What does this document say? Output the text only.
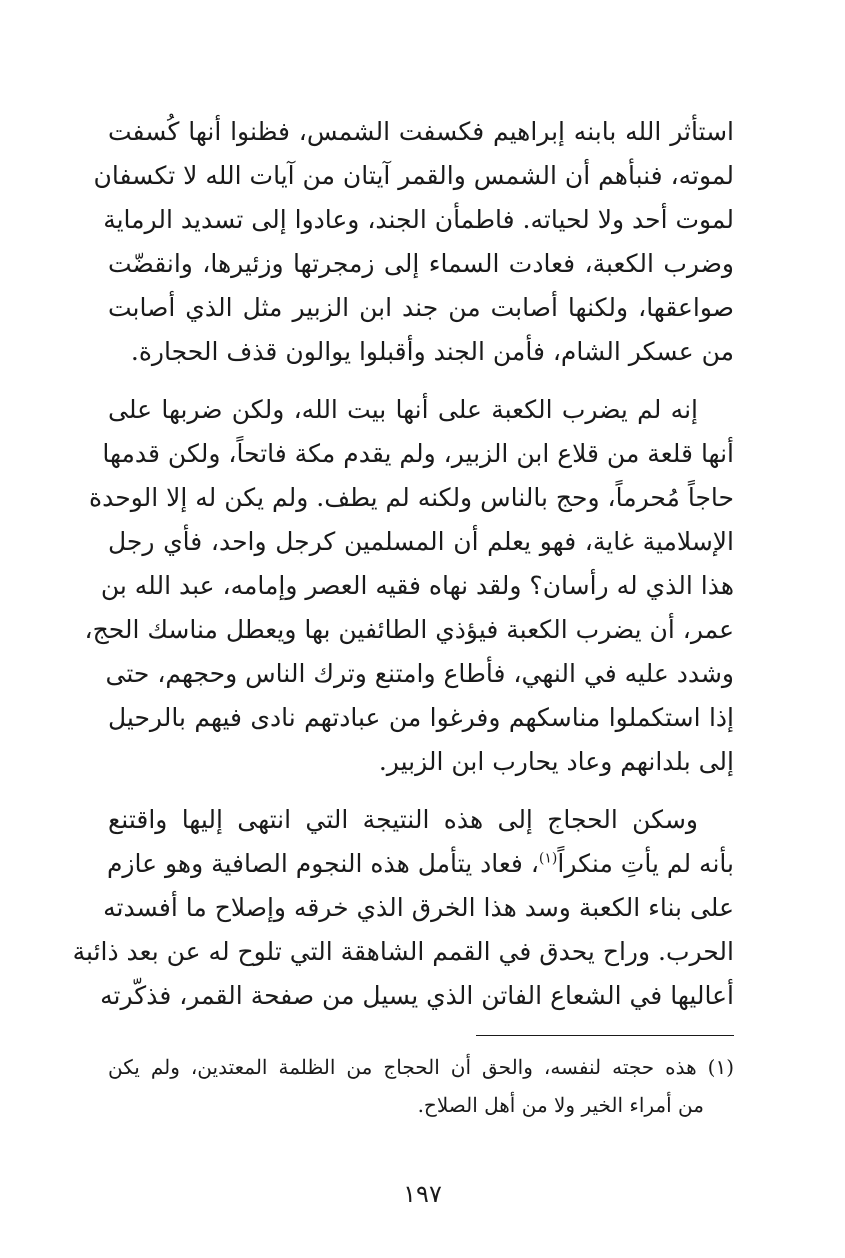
استأثر الله بابنه إبراهيم فكسفت الشمس، فظنوا أنها كُسفت
لموته، فنبأهم أن الشمس والقمر آيتان من آيات الله لا تكسفان
لموت أحد ولا لحياته. فاطمأن الجند، وعادوا إلى تسديد الرماية
وضرب الكعبة، فعادت السماء إلى زمجرتها وزئيرها، وانقضّت
صواعقها، ولكنها أصابت من جند ابن الزبير مثل الذي أصابت
من عسكر الشام، فأمن الجند وأقبلوا يوالون قذف الحجارة.

إنه لم يضرب الكعبة على أنها بيت الله، ولكن ضربها على
أنها قلعة من قلاع ابن الزبير، ولم يقدم مكة فاتحاً، ولكن قدمها
حاجاً مُحرماً، وحج بالناس ولكنه لم يطف. ولم يكن له إلا الوحدة
الإسلامية غاية، فهو يعلم أن المسلمين كرجل واحد، فأي رجل
هذا الذي له رأسان؟ ولقد نهاه فقيه العصر وإمامه، عبد الله بن
عمر، أن يضرب الكعبة فيؤذي الطائفين بها ويعطل مناسك الحج،
وشدد عليه في النهي، فأطاع وامتنع وترك الناس وحجهم، حتى
إذا استكملوا مناسكهم وفرغوا من عبادتهم نادى فيهم بالرحيل
إلى بلدانهم وعاد يحارب ابن الزبير.

وسكن الحجاج إلى هذه النتيجة التي انتهى إليها واقتنع
بأنه لم يأتِ منكراً$^{(١)}$، فعاد يتأمل هذه النجوم الصافية وهو عازم
على بناء الكعبة وسد هذا الخرق الذي خرقه وإصلاح ما أفسدته
الحرب. وراح يحدق في القمم الشاهقة التي تلوح له عن بعد ذائبة
أعاليها في الشعاع الفاتن الذي يسيل من صفحة القمر، فذكّرته

(١) هذه حجته لنفسه، والحق أن الحجاج من الظلمة المعتدين، ولم يكن
من أمراء الخير ولا من أهل الصلاح.
١٩٧
